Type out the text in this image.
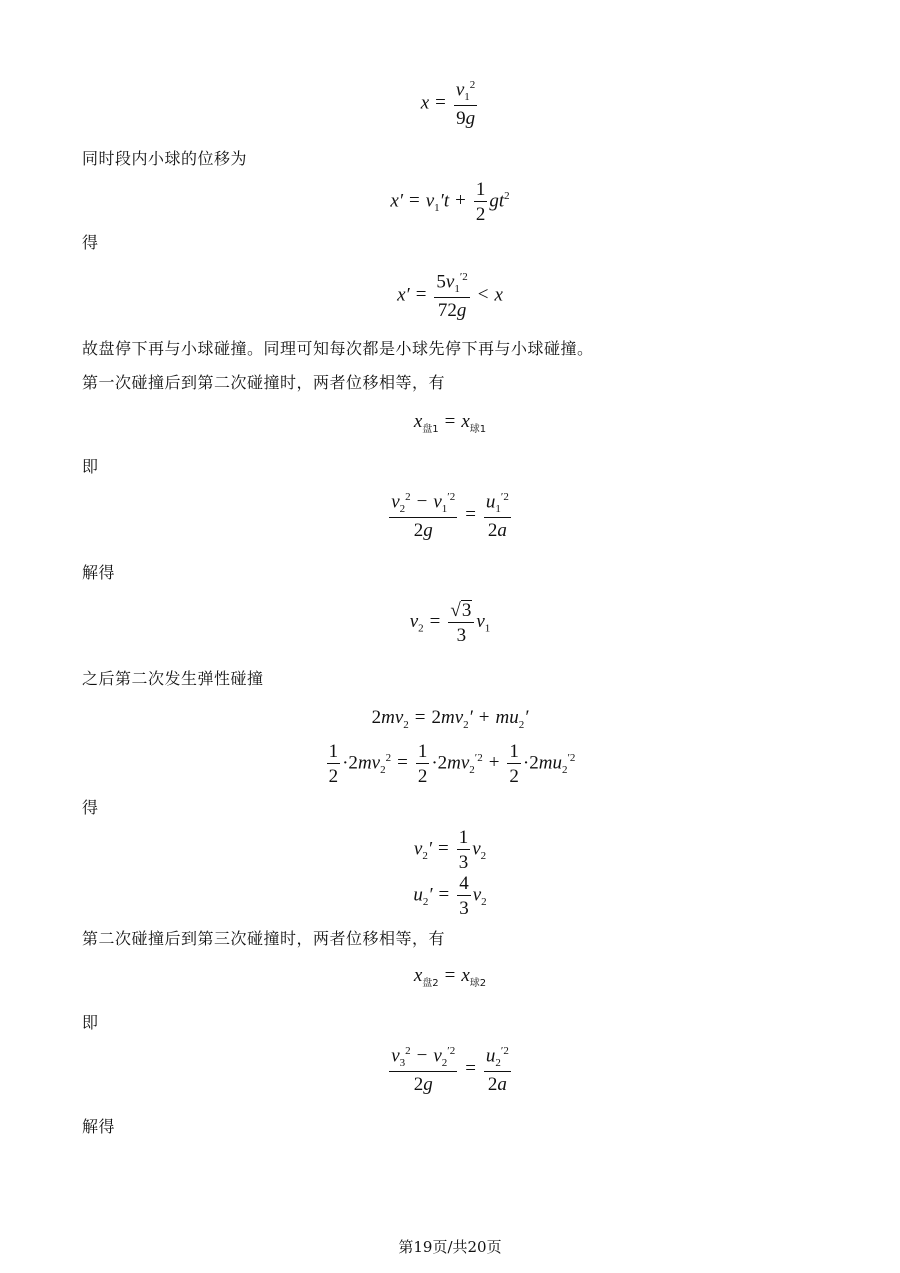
$x = \frac{v_1^2}{9g}$
同时段内小球的位移为
$x' = v_1't + \frac{1}{2} gt^2$
得
$x' = \frac{5v_1^{'2}}{72g} < x$
故盘停下再与小球碰撞。同理可知每次都是小球先停下再与小球碰撞。
第一次碰撞后到第二次碰撞时，两者位移相等，有
$x_{盘1} = x_{球1}$
即
$\frac{v_2^2 - v_1^{'2}}{2g} = \frac{u_1^{'2}}{2a}$
解得
$v_2 = \frac{√3}{3} v_1$
之后第二次发生弹性碰撞
$2mv_2 = 2mv_2' + mu_2'$
$\frac{1}{2} \cdot 2mv_2^2 = \frac{1}{2} \cdot 2mv_2^{'2} + \frac{1}{2} \cdot 2mu_2^{'2}$
得
$v_2' = \frac{1}{3} v_2$
$u_2' = \frac{4}{3} v_2$
第二次碰撞后到第三次碰撞时，两者位移相等，有
$x_{盘2} = x_{球2}$
即
$\frac{v_3^2 - v_2^{'2}}{2g} = \frac{u_2^{'2}}{2a}$
解得
第19页/共20页
